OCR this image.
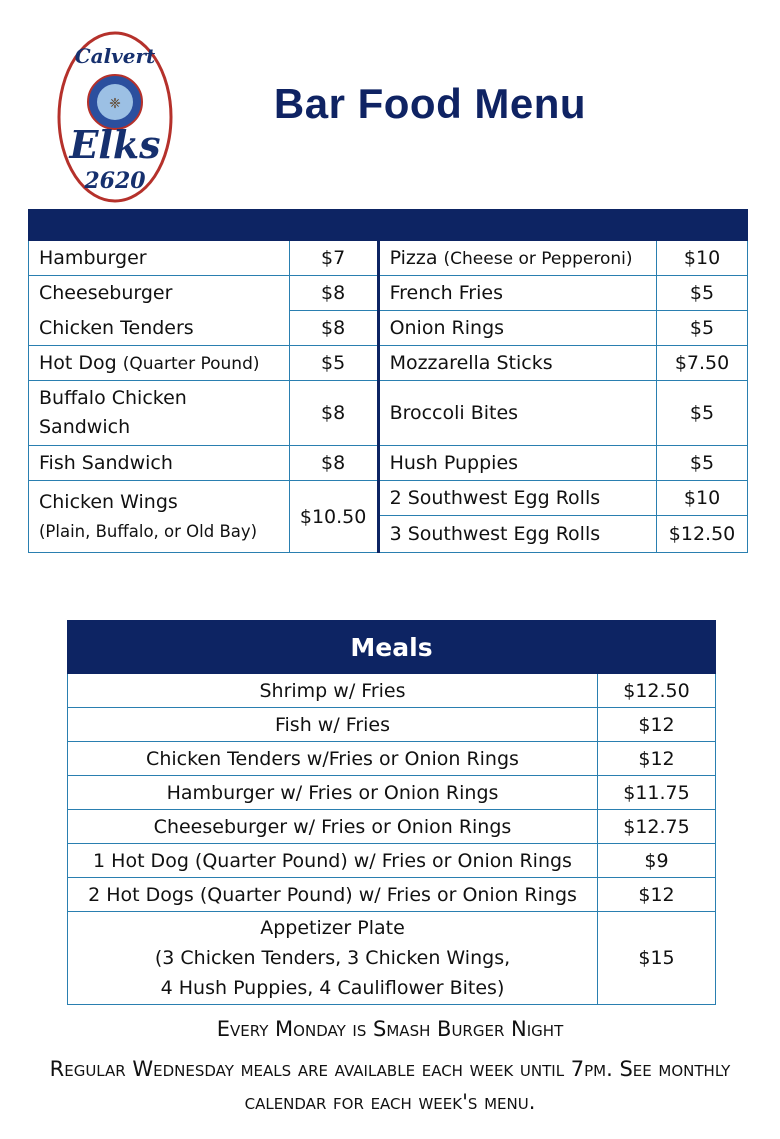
❈
Calvert
Elks
2620
Bar Food Menu

Hamburger	$7	Pizza (Cheese or Pepperoni)	$10
Cheeseburger	$8	French Fries	$5
Chicken Tenders	$8	Onion Rings	$5
Hot Dog (Quarter Pound)	$5	Mozzarella Sticks	$7.50
Buffalo Chicken
Sandwich	$8	Broccoli Bites	$5
Fish Sandwich	$8	Hush Puppies	$5
Chicken Wings
(Plain, Buffalo, or Old Bay)	$10.50	2 Southwest Egg Rolls	$10
		3 Southwest Egg Rolls	$12.50
Meals	
Shrimp w/ Fries	$12.50
Fish w/ Fries	$12
Chicken Tenders w/Fries or Onion Rings	$12
Hamburger w/ Fries or Onion Rings	$11.75
Cheeseburger w/ Fries or Onion Rings	$12.75
1 Hot Dog (Quarter Pound) w/ Fries or Onion Rings	$9
2 Hot Dogs (Quarter Pound) w/ Fries or Onion Rings	$12
Appetizer Plate
(3 Chicken Tenders, 3 Chicken Wings,
4 Hush Puppies, 4 Cauliflower Bites)	$15
Every Monday is Smash Burger Night
Regular Wednesday meals are available each week until 7pm. See monthly calendar for each week's menu.
